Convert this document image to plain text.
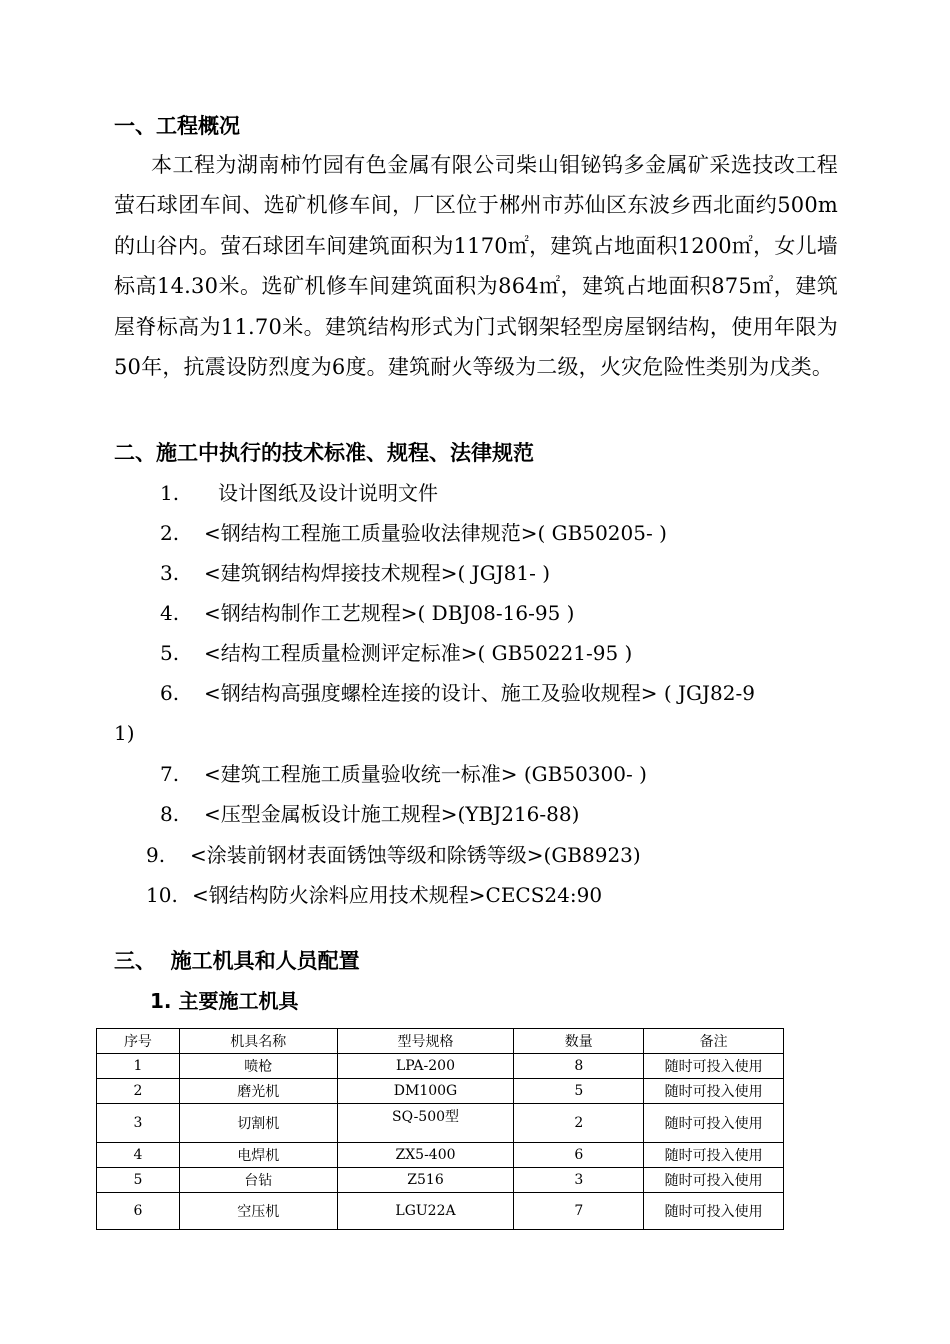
一、工程概况
本工程为湖南柿竹园有色金属有限公司柴山钼铋钨多金属矿采选技改工程萤石球团车间、选矿机修车间，厂区位于郴州市苏仙区东波乡西北面约500m的山谷内。萤石球团车间建筑面积为1170㎡，建筑占地面积1200㎡，女儿墙标高14.30米。选矿机修车间建筑面积为864㎡，建筑占地面积875㎡，建筑屋脊标高为11.70米。建筑结构形式为门式钢架轻型房屋钢结构，使用年限为50年，抗震设防烈度为6度。建筑耐火等级为二级，火灾危险性类别为戊类。
二、施工中执行的技术标准、规程、法律规范
1. 设计图纸及设计说明文件
2. <钢结构工程施工质量验收法律规范>( GB50205- )
3. <建筑钢结构焊接技术规程>( JGJ81- )
4. <钢结构制作工艺规程>( DBJ08-16-95 )
5. <结构工程质量检测评定标准>( GB50221-95 )
6. <钢结构高强度螺栓连接的设计、施工及验收规程> ( JGJ82-9
1)
7. <建筑工程施工质量验收统一标准> (GB50300- )
8. <压型金属板设计施工规程>(YBJ216-88)
9. <涂装前钢材表面锈蚀等级和除锈等级>(GB8923)
10. <钢结构防火涂料应用技术规程>CECS24:90
三、  施工机具和人员配置
1. 主要施工机具
序号	机具名称	型号规格	数量	备注
1	喷枪	LPA-200	8	随时可投入使用
2	磨光机	DM100G	5	随时可投入使用
3	切割机	SQ-500型	2	随时可投入使用
4	电焊机	ZX5-400	6	随时可投入使用
5	台钻	Z516	3	随时可投入使用
6	空压机	LGU22A	7	随时可投入使用
